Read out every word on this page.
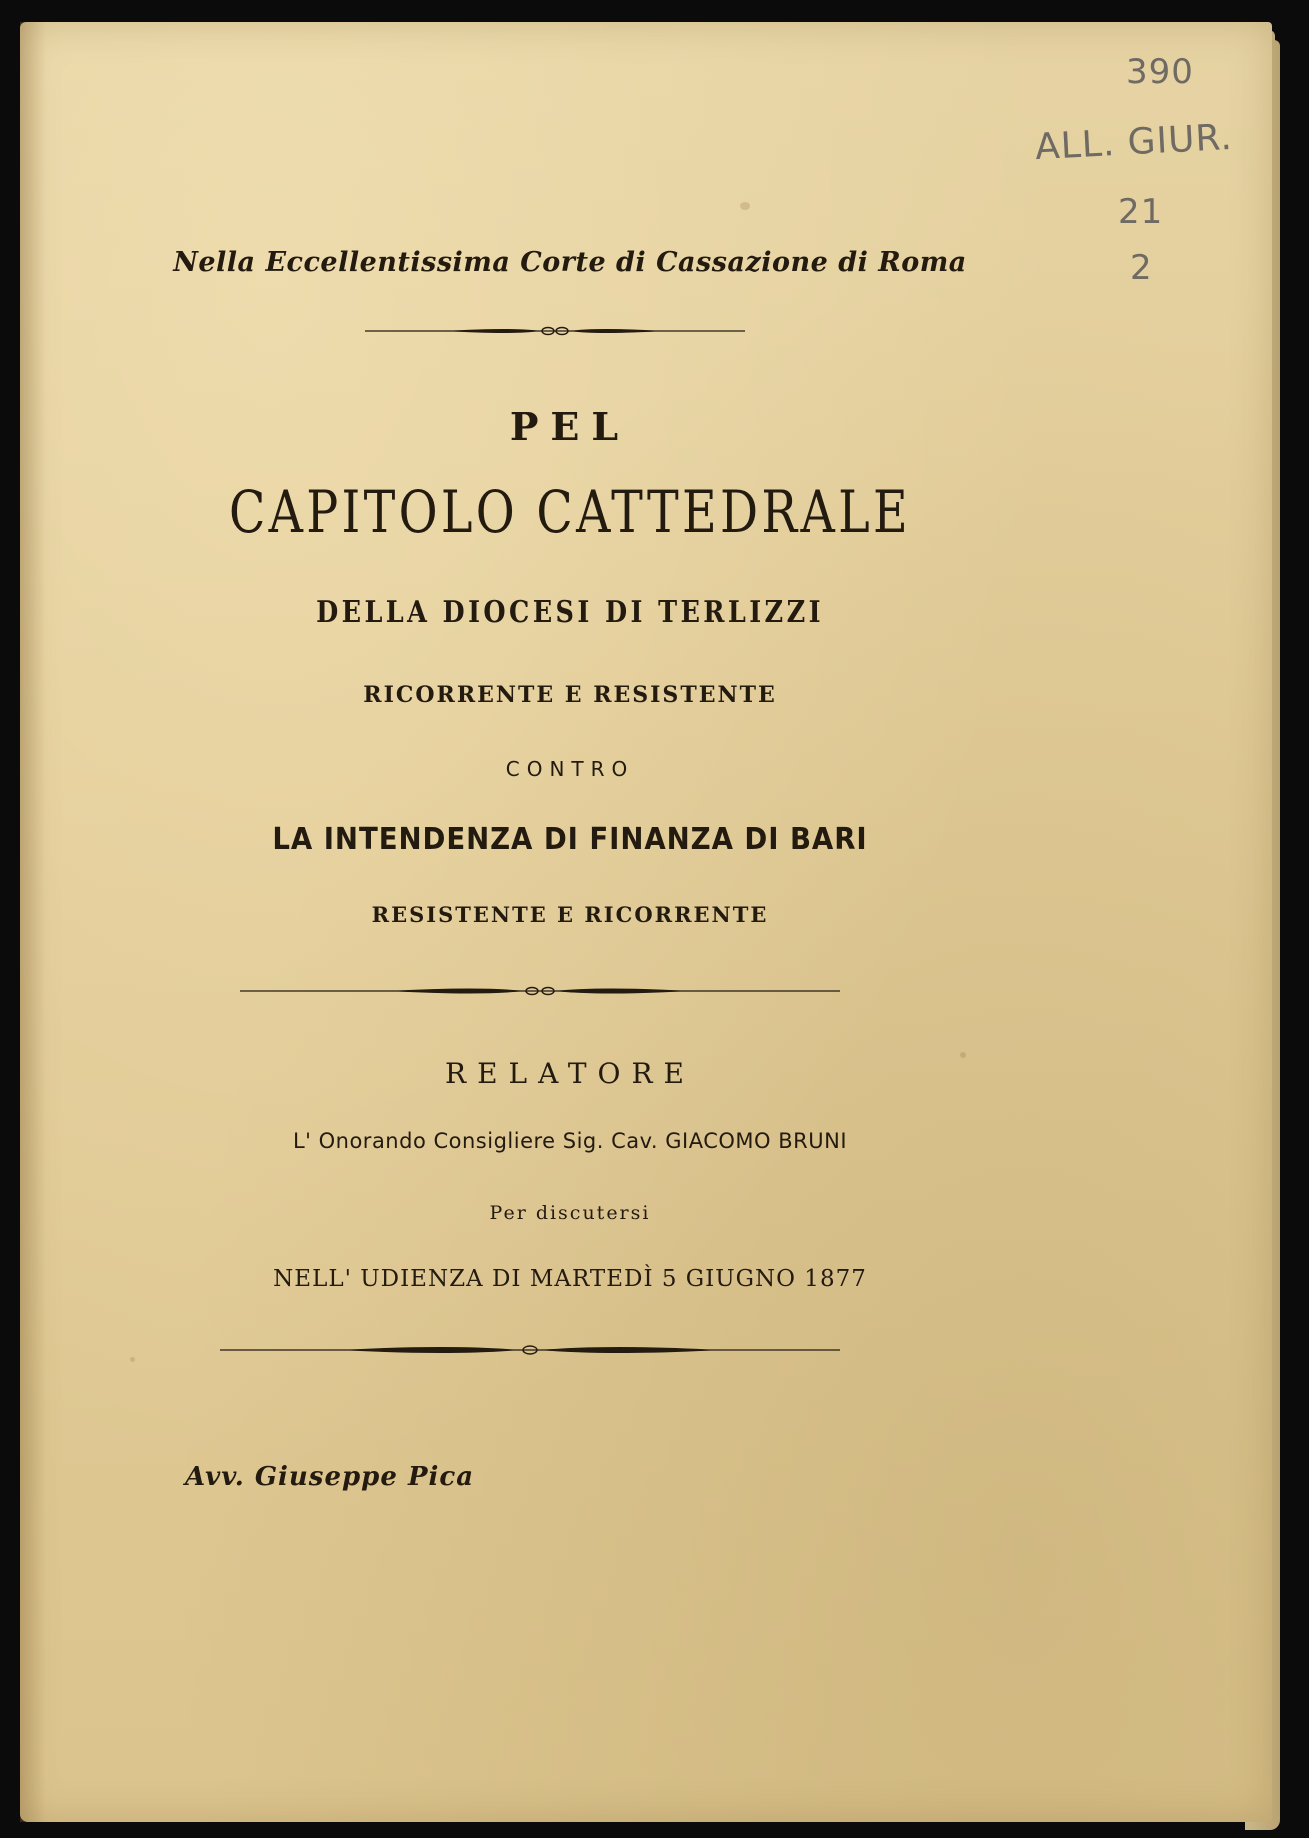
390
ALL. GIUR.
21
2
Nella Eccellentissima Corte di Cassazione di Roma
PEL
CAPITOLO CATTEDRALE
DELLA DIOCESI DI TERLIZZI
RICORRENTE E RESISTENTE
CONTRO
LA INTENDENZA DI FINANZA DI BARI
RESISTENTE E RICORRENTE
RELATORE
L' Onorando Consigliere Sig. Cav. GIACOMO BRUNI
Per discutersi
NELL' UDIENZA DI MARTEDÌ 5 GIUGNO 1877
Avv. Giuseppe Pica
